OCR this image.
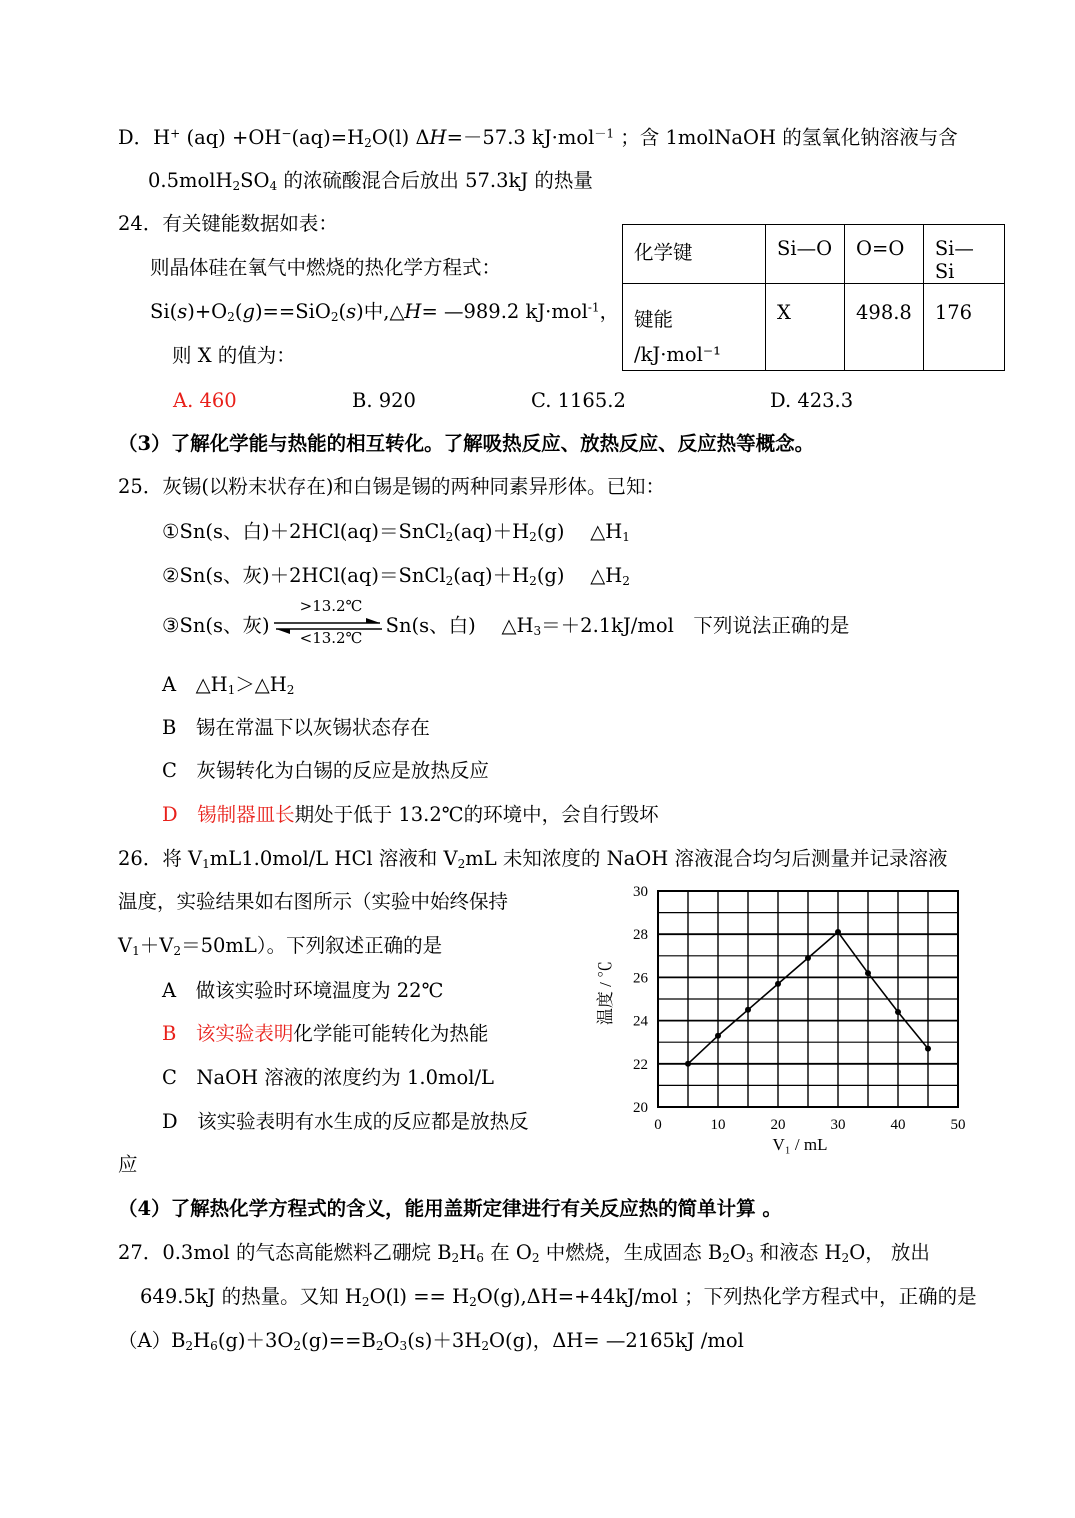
D．H+ $(aq) +OH^-(aq)=H_2O(l)$ ΔH=－57.3 kJ·mol$^{-1}$ ；含 1molNaOH 的氢氧化钠溶液与含
$0.5molH_2SO_4$ 的浓硫酸混合后放出 57.3kJ 的热量
24．有关键能数据如表：
则晶体硅在氧气中燃烧的热化学方程式：
$Si(s)+O_2(g)==SiO_2(s)$中,△H= —989.2 kJ·mol$^{-1}$，
则 X 的值为：
化学键	Si—O	O=O	Si—Si

键能
/kJ·mol⁻¹	X	498.8	176
A. 460	B. 920	C. 1165.2	D. 423.3
（3）了解化学能与热能的相互转化。了解吸热反应、放热反应、反应热等概念。
25．灰锡(以粉末状存在)和白锡是锡的两种同素异形体。已知：
①Sn(s、白)$+2HCl(aq)=SnCl_2(aq)+H_2(g)$　 $\triangle H_1$
②Sn(s、灰)$+2HCl(aq)=SnCl_2(aq)+H_2(g)$　 $\triangle H_2$
③Sn(s、灰)
>13.2℃
<13.2℃
Sn(s、白)　 $\triangle H_3=+2.1kJ$/mol　下列说法正确的是
A　$\triangle H_1>\triangle H_2$
B　锡在常温下以灰锡状态存在
C　灰锡转化为白锡的反应是放热反应
D　锡制器皿长期处于低于 13.2℃的环境中，会自行毁坏
26．将 $V_1mL1.0mol/L$ HCl 溶液和 $V_2mL$ 未知浓度的 NaOH 溶液混合均匀后测量并记录溶液
温度，实验结果如右图所示（实验中始终保持
$V_1+V_2=50mL$）。下列叙述正确的是
A　做该实验时环境温度为 22℃
B　该实验表明化学能可能转化为热能
C　NaOH 溶液的浓度约为 1.0mol/L
D　该实验表明有水生成的反应都是放热反
应
0	10	20	30	40	50
20
22
24
26
28
30
V₁ / mL
温度 / ℃
（4）了解热化学方程式的含义，能用盖斯定律进行有关反应热的简单计算 。
27．0.3mol 的气态高能燃料乙硼烷 $B_2H_6$ 在 $O_2$ 中燃烧，生成固态 $B_2O_3$ 和液态 $H_2O$， 放出
649.5kJ 的热量。又知 $H_2O(l) == H_2O(g),\Delta H=+44kJ/mol$ ；下列热化学方程式中，正确的是
$(A)B_2H_6(g)+3O_2(g)==B_2O_3(s)+3H_2O(g)$，ΔH= —2165kJ /mol
